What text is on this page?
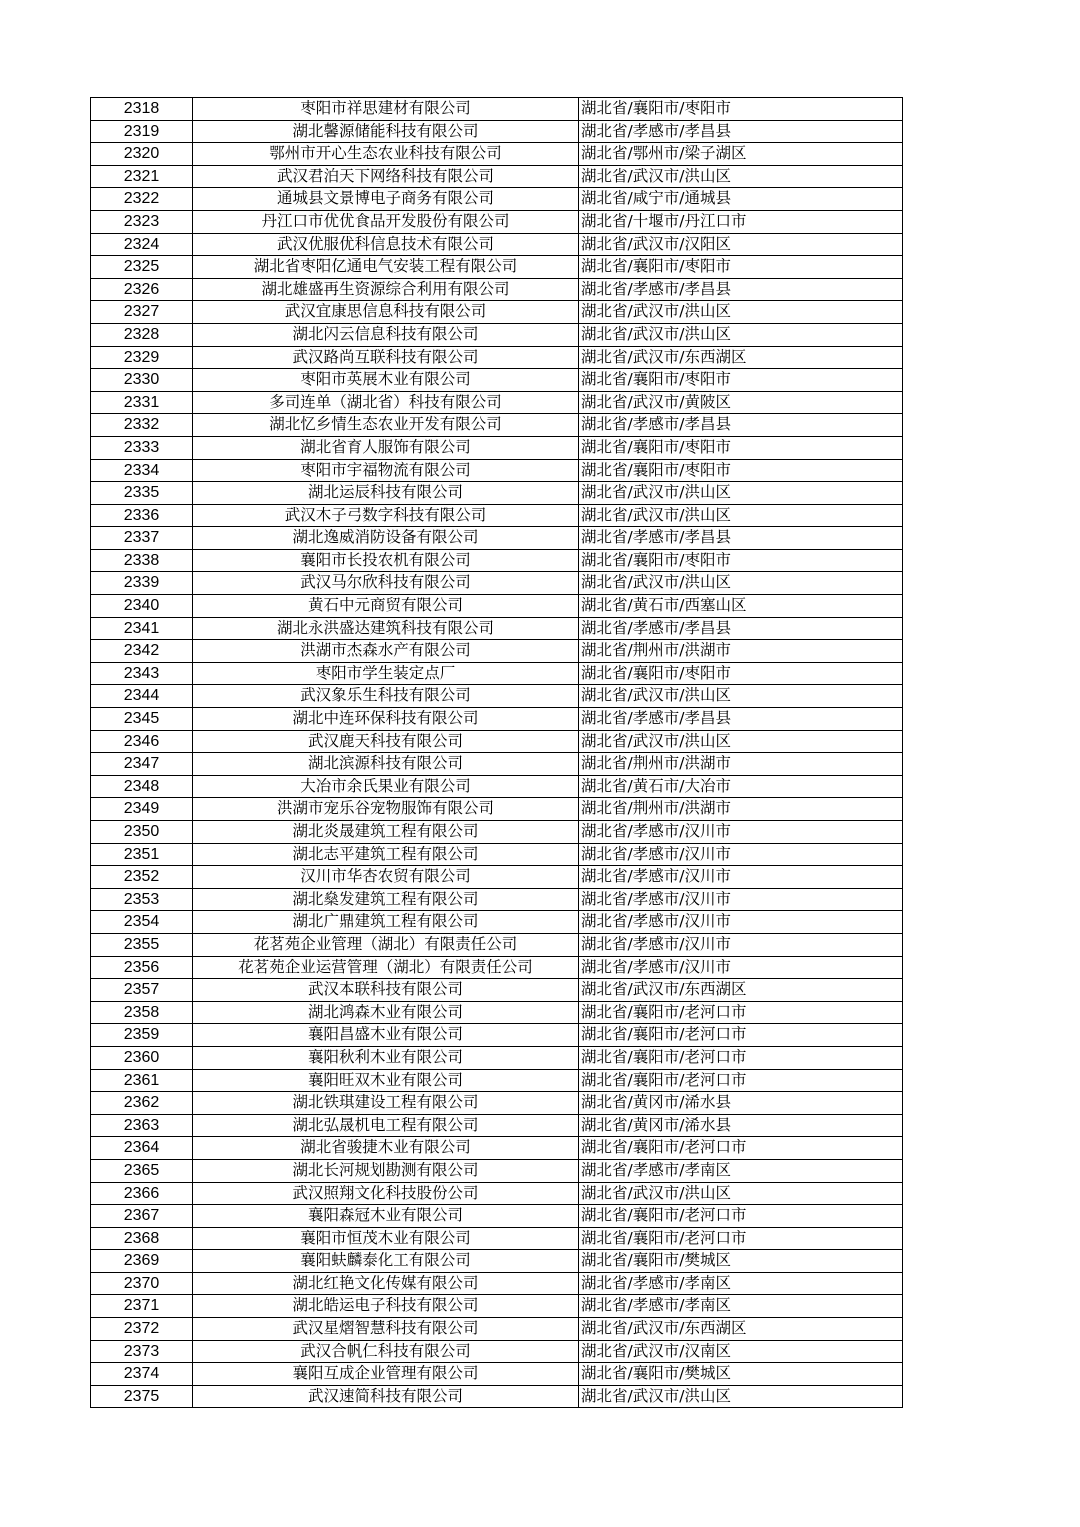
2318	枣阳市祥思建材有限公司	湖北省/襄阳市/枣阳市
2319	湖北馨源储能科技有限公司	湖北省/孝感市/孝昌县
2320	鄂州市开心生态农业科技有限公司	湖北省/鄂州市/梁子湖区
2321	武汉君泊天下网络科技有限公司	湖北省/武汉市/洪山区
2322	通城县文景博电子商务有限公司	湖北省/咸宁市/通城县
2323	丹江口市优优食品开发股份有限公司	湖北省/十堰市/丹江口市
2324	武汉优服优科信息技术有限公司	湖北省/武汉市/汉阳区
2325	湖北省枣阳亿通电气安装工程有限公司	湖北省/襄阳市/枣阳市
2326	湖北雄盛再生资源综合利用有限公司	湖北省/孝感市/孝昌县
2327	武汉宜康思信息科技有限公司	湖北省/武汉市/洪山区
2328	湖北闪云信息科技有限公司	湖北省/武汉市/洪山区
2329	武汉路尚互联科技有限公司	湖北省/武汉市/东西湖区
2330	枣阳市英展木业有限公司	湖北省/襄阳市/枣阳市
2331	多司连单（湖北省）科技有限公司	湖北省/武汉市/黄陂区
2332	湖北忆乡情生态农业开发有限公司	湖北省/孝感市/孝昌县
2333	湖北省育人服饰有限公司	湖北省/襄阳市/枣阳市
2334	枣阳市宇福物流有限公司	湖北省/襄阳市/枣阳市
2335	湖北运辰科技有限公司	湖北省/武汉市/洪山区
2336	武汉木子弓数字科技有限公司	湖北省/武汉市/洪山区
2337	湖北逸威消防设备有限公司	湖北省/孝感市/孝昌县
2338	襄阳市长投农机有限公司	湖北省/襄阳市/枣阳市
2339	武汉马尔欣科技有限公司	湖北省/武汉市/洪山区
2340	黄石中元商贸有限公司	湖北省/黄石市/西塞山区
2341	湖北永洪盛达建筑科技有限公司	湖北省/孝感市/孝昌县
2342	洪湖市杰森水产有限公司	湖北省/荆州市/洪湖市
2343	枣阳市学生装定点厂	湖北省/襄阳市/枣阳市
2344	武汉象乐生科技有限公司	湖北省/武汉市/洪山区
2345	湖北中连环保科技有限公司	湖北省/孝感市/孝昌县
2346	武汉鹿天科技有限公司	湖北省/武汉市/洪山区
2347	湖北滨源科技有限公司	湖北省/荆州市/洪湖市
2348	大冶市余氏果业有限公司	湖北省/黄石市/大冶市
2349	洪湖市宠乐谷宠物服饰有限公司	湖北省/荆州市/洪湖市
2350	湖北炎晟建筑工程有限公司	湖北省/孝感市/汉川市
2351	湖北志平建筑工程有限公司	湖北省/孝感市/汉川市
2352	汉川市华杏农贸有限公司	湖北省/孝感市/汉川市
2353	湖北燊发建筑工程有限公司	湖北省/孝感市/汉川市
2354	湖北广鼎建筑工程有限公司	湖北省/孝感市/汉川市
2355	花茗苑企业管理（湖北）有限责任公司	湖北省/孝感市/汉川市
2356	花茗苑企业运营管理（湖北）有限责任公司	湖北省/孝感市/汉川市
2357	武汉本联科技有限公司	湖北省/武汉市/东西湖区
2358	湖北鸿森木业有限公司	湖北省/襄阳市/老河口市
2359	襄阳昌盛木业有限公司	湖北省/襄阳市/老河口市
2360	襄阳秋利木业有限公司	湖北省/襄阳市/老河口市
2361	襄阳旺双木业有限公司	湖北省/襄阳市/老河口市
2362	湖北铁琪建设工程有限公司	湖北省/黄冈市/浠水县
2363	湖北弘晟机电工程有限公司	湖北省/黄冈市/浠水县
2364	湖北省骏捷木业有限公司	湖北省/襄阳市/老河口市
2365	湖北长河规划勘测有限公司	湖北省/孝感市/孝南区
2366	武汉照翔文化科技股份公司	湖北省/武汉市/洪山区
2367	襄阳森冠木业有限公司	湖北省/襄阳市/老河口市
2368	襄阳市恒茂木业有限公司	湖北省/襄阳市/老河口市
2369	襄阳蚨麟泰化工有限公司	湖北省/襄阳市/樊城区
2370	湖北红艳文化传媒有限公司	湖北省/孝感市/孝南区
2371	湖北皓运电子科技有限公司	湖北省/孝感市/孝南区
2372	武汉星熠智慧科技有限公司	湖北省/武汉市/东西湖区
2373	武汉合帆仁科技有限公司	湖北省/武汉市/汉南区
2374	襄阳互成企业管理有限公司	湖北省/襄阳市/樊城区
2375	武汉速简科技有限公司	湖北省/武汉市/洪山区
